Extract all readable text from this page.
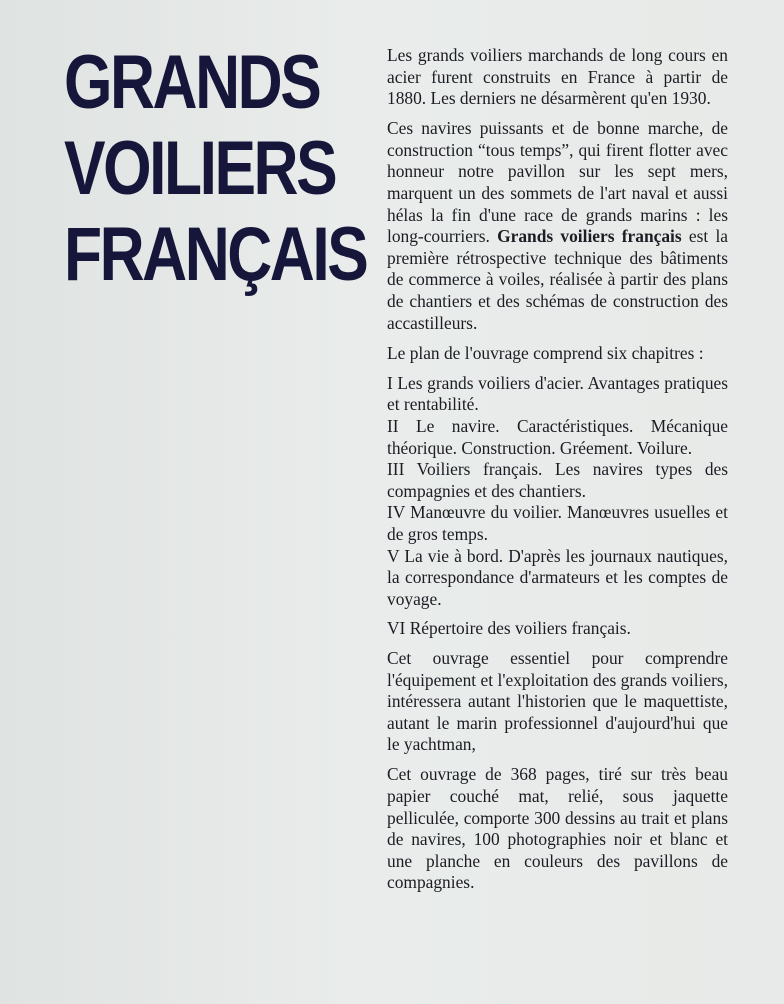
GRANDS
VOILIERS
FRANÇAIS

Les grands voiliers marchands de long cours en acier furent construits en France à partir de 1880. Les derniers ne désarmèrent qu'en 1930.

Ces navires puissants et de bonne marche, de construction “tous temps”, qui firent flotter avec honneur notre pavillon sur les sept mers, marquent un des sommets de l'art naval et aussi hélas la fin d'une race de grands marins : les long-courriers. Grands voiliers français est la première rétrospective technique des bâtiments de commerce à voiles, réalisée à partir des plans de chantiers et des schémas de construction des accastilleurs.

Le plan de l'ouvrage comprend six chapitres :

I Les grands voiliers d'acier. Avantages pratiques et rentabilité.

II Le navire. Caractéristiques. Mécanique théorique. Construction. Gréement. Voilure.

III Voiliers français. Les navires types des compagnies et des chantiers.

IV Manœuvre du voilier. Manœuvres usuelles et de gros temps.

V La vie à bord. D'après les journaux nautiques, la correspondance d'armateurs et les comptes de voyage.

VI Répertoire des voiliers français.

Cet ouvrage essentiel pour comprendre l'équipement et l'exploitation des grands voiliers, intéressera autant l'historien que le maquettiste, autant le marin professionnel d'aujourd'hui que le yachtman,

Cet ouvrage de 368 pages, tiré sur très beau papier couché mat, relié, sous jaquette pelliculée, comporte 300 dessins au trait et plans de navires, 100 photographies noir et blanc et une planche en couleurs des pavillons de compagnies.
